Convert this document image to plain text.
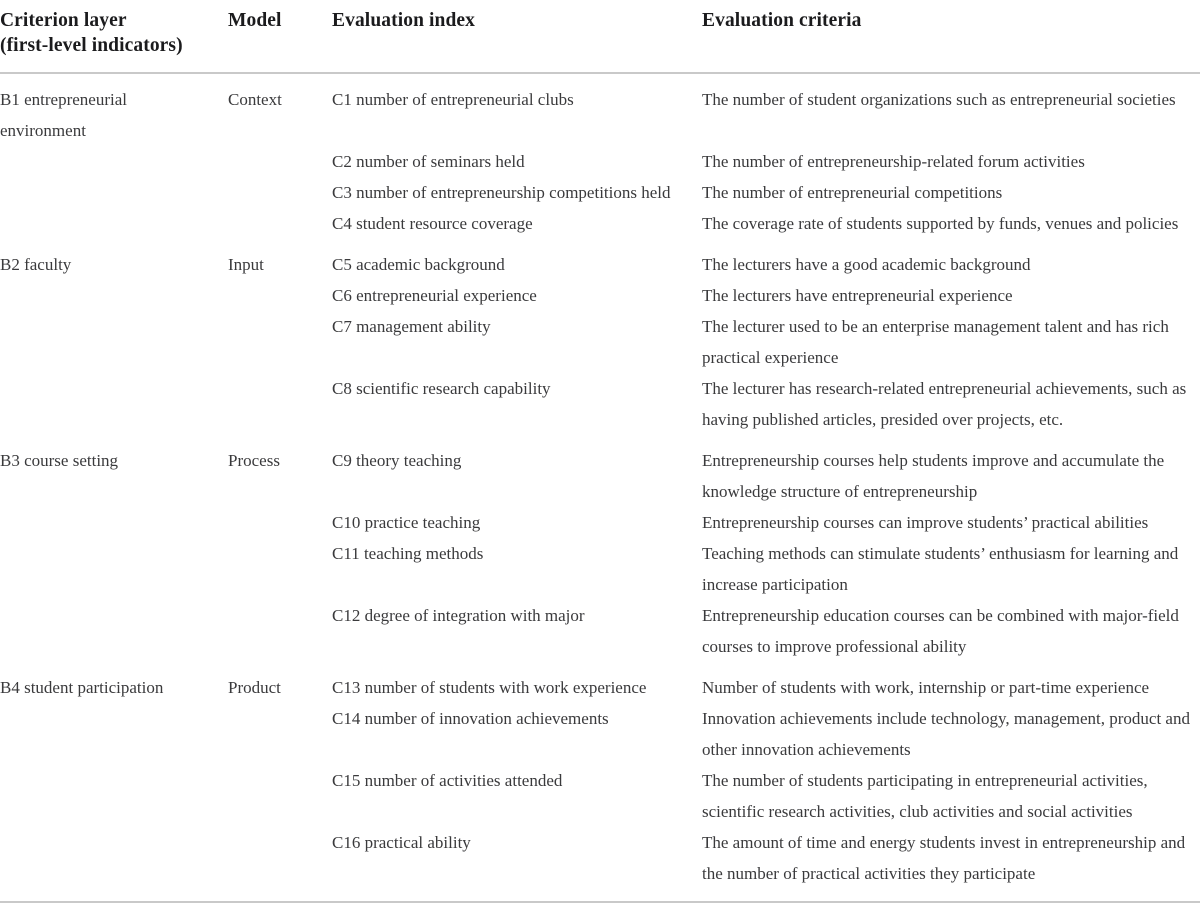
Criterion layer
(first-level indicators)	Model	Evaluation index	Evaluation criteria
B1 entrepreneurial environment	Context	C1 number of entrepreneurial clubs	The number of student organizations such as entrepreneurial societies
		C2 number of seminars held	The number of entrepreneurship-related forum activities
		C3 number of entrepreneurship competitions held	The number of entrepreneurial competitions
		C4 student resource coverage	The coverage rate of students supported by funds, venues and policies
B2 faculty	Input	C5 academic background	The lecturers have a good academic background
		C6 entrepreneurial experience	The lecturers have entrepreneurial experience
		C7 management ability	The lecturer used to be an enterprise management talent and has rich practical experience
		C8 scientific research capability	The lecturer has research-related entrepreneurial achievements, such as having published articles, presided over projects, etc.
B3 course setting	Process	C9 theory teaching	Entrepreneurship courses help students improve and accumulate the knowledge structure of entrepreneurship
		C10 practice teaching	Entrepreneurship courses can improve students’ practical abilities
		C11 teaching methods	Teaching methods can stimulate students’ enthusiasm for learning and increase participation
		C12 degree of integration with major	Entrepreneurship education courses can be combined with major-field courses to improve professional ability
B4 student participation	Product	C13 number of students with work experience	Number of students with work, internship or part-time experience
		C14 number of innovation achievements	Innovation achievements include technology, management, product and other innovation achievements
		C15 number of activities attended	The number of students participating in entrepreneurial activities, scientific research activities, club activities and social activities
		C16 practical ability	The amount of time and energy students invest in entrepreneurship and the number of practical activities they participate
